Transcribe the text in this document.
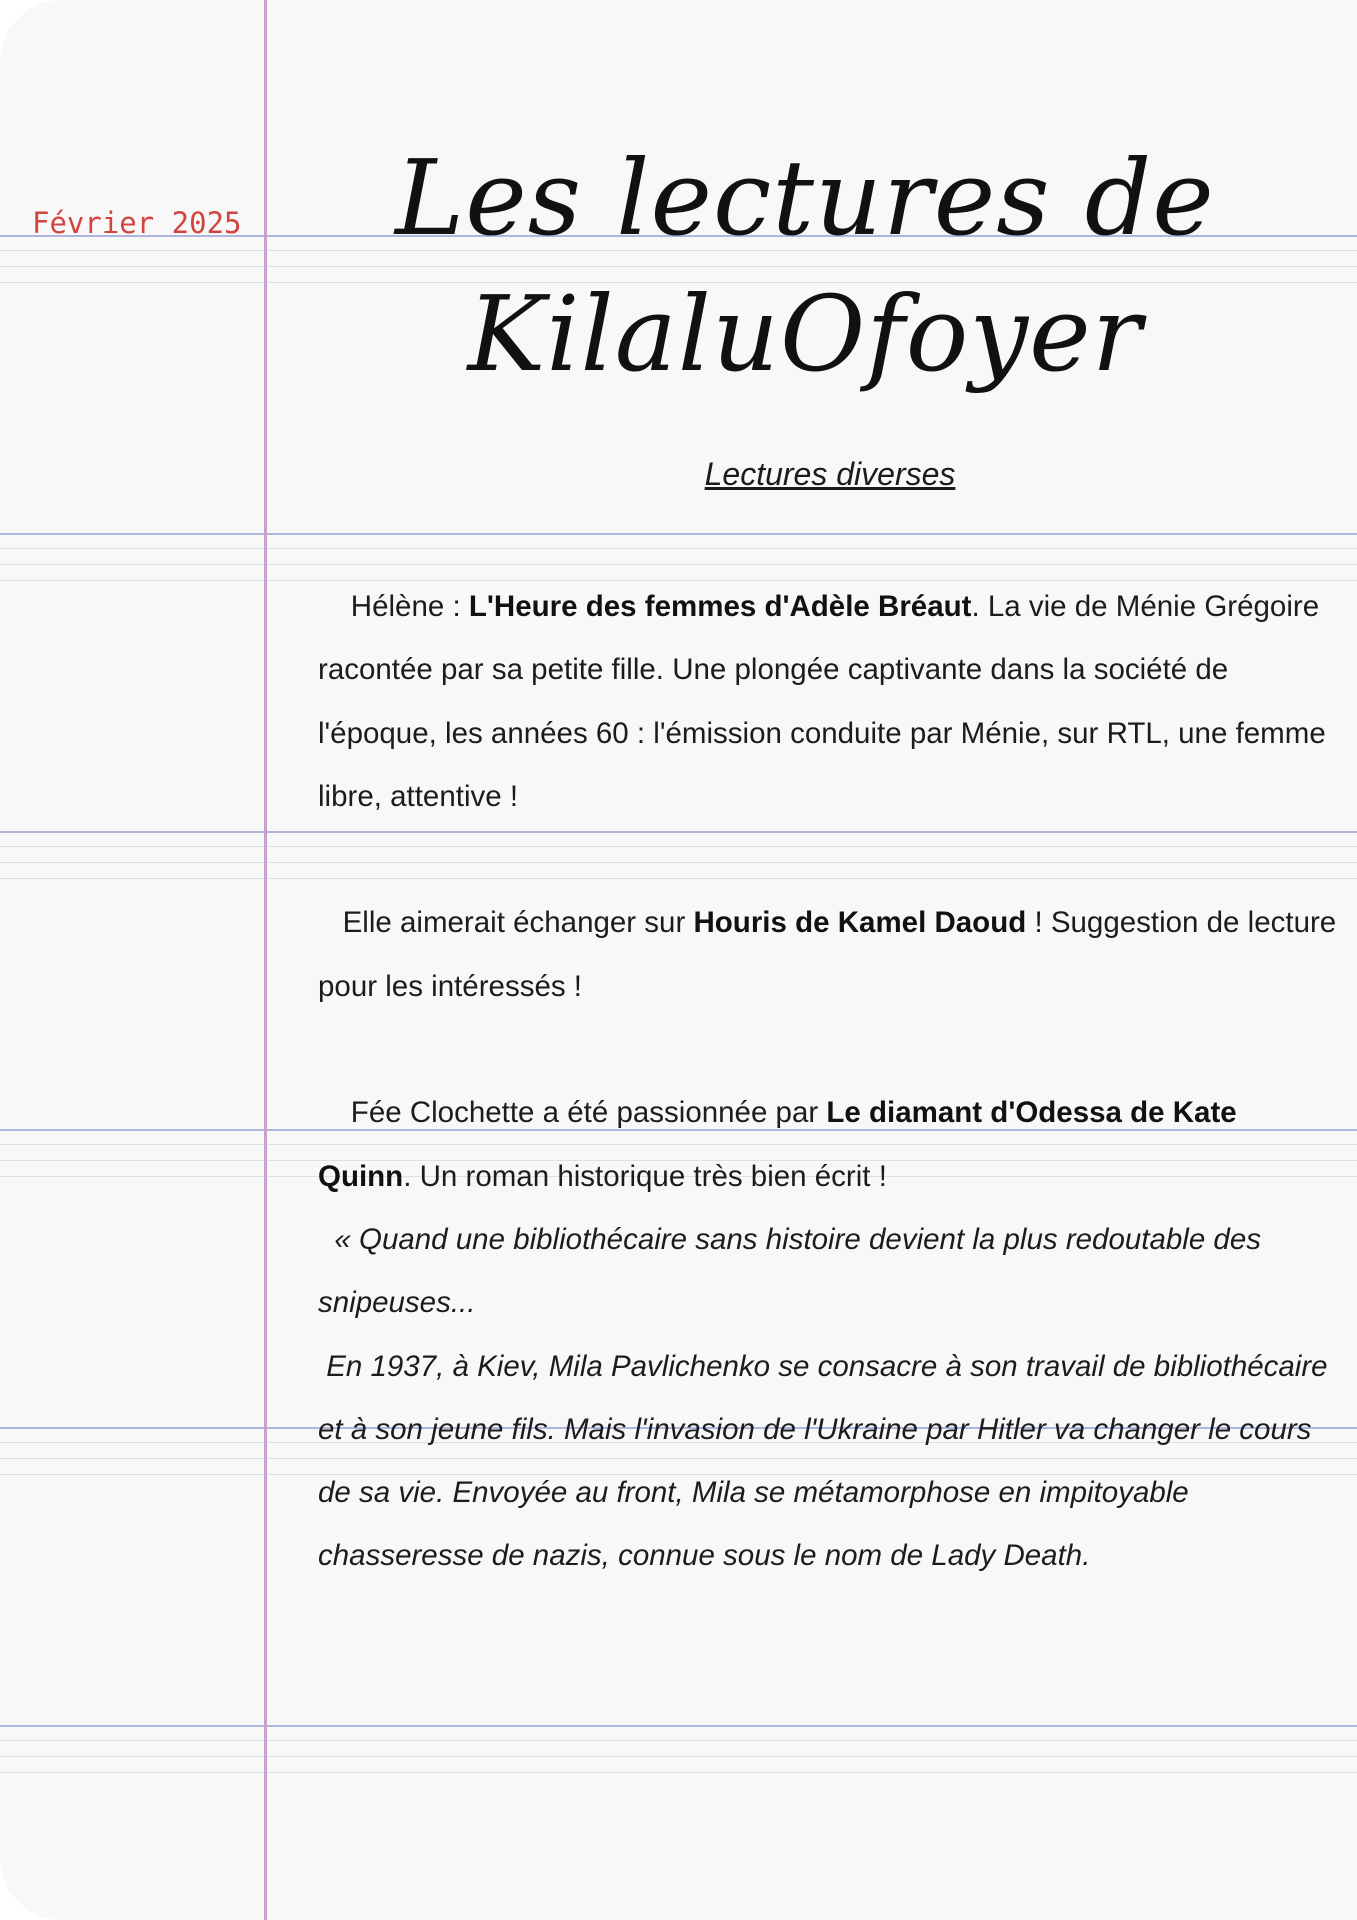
Février 2025	Les lectures de
KilaluOfoyer
Lectures diverses

Hélène : L'Heure des femmes d'Adèle Bréaut. La vie de Ménie Grégoire racontée par sa petite fille. Une plongée captivante dans la société de l'époque, les années 60 : l'émission conduite par Ménie, sur RTL, une femme libre, attentive !

Elle aimerait échanger sur Houris de Kamel Daoud ! Suggestion de lecture pour les intéressés !

Fée Clochette a été passionnée par Le diamant d'Odessa de Kate Quinn. Un roman historique très bien écrit !

« Quand une bibliothécaire sans histoire devient la plus redoutable des snipeuses...

En 1937, à Kiev, Mila Pavlichenko se consacre à son travail de bibliothécaire et à son jeune fils. Mais l'invasion de l'Ukraine par Hitler va changer le cours de sa vie. Envoyée au front, Mila se métamorphose en impitoyable chasseresse de nazis, connue sous le nom de Lady Death.
